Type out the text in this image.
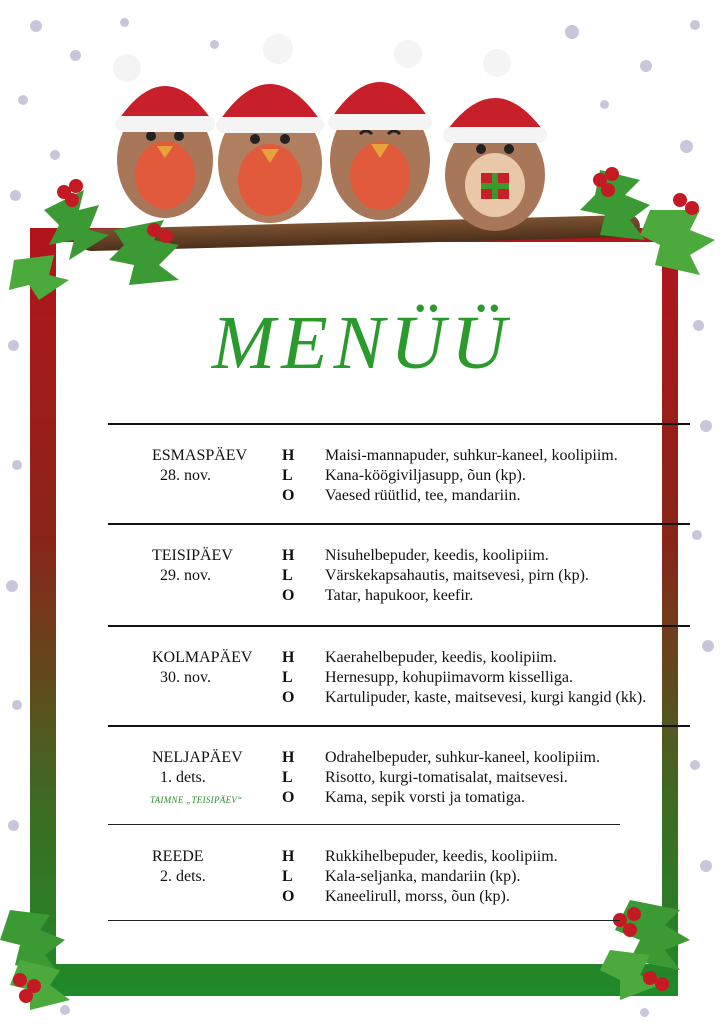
MENÜÜ
ESMASPÄEV
28. nov.
H Maisi-mannapuder, suhkur-kaneel, koolipiim.
L Kana-köögiviljasupp, õun (kp).
O Vaesed rüütlid, tee, mandariin.
TEISIPÄEV
29. nov.
H Nisuhelbepuder, keedis, koolipiim.
L Värskekapsahautis, maitsevesi, pirn (kp).
O Tatar, hapukoor, keefir.
KOLMAPÄEV
30. nov.
H Kaerahelbepuder, keedis, koolipiim.
L Hernesupp, kohupiimavorm kisselliga.
O Kartulipuder, kaste, maitsevesi, kurgi kangid (kk).
NELJAPÄEV
1. dets.
TAIMNE „TEISIPÄEV“
H Odrahelbepuder, suhkur-kaneel, koolipiim.
L Risotto, kurgi-tomatisalat, maitsevesi.
O Kama, sepik vorsti ja tomatiga.
REEDE
2. dets.
H Rukkihelbepuder, keedis, koolipiim.
L Kala-seljanka, mandariin (kp).
O Kaneelirull, morss, õun (kp).
